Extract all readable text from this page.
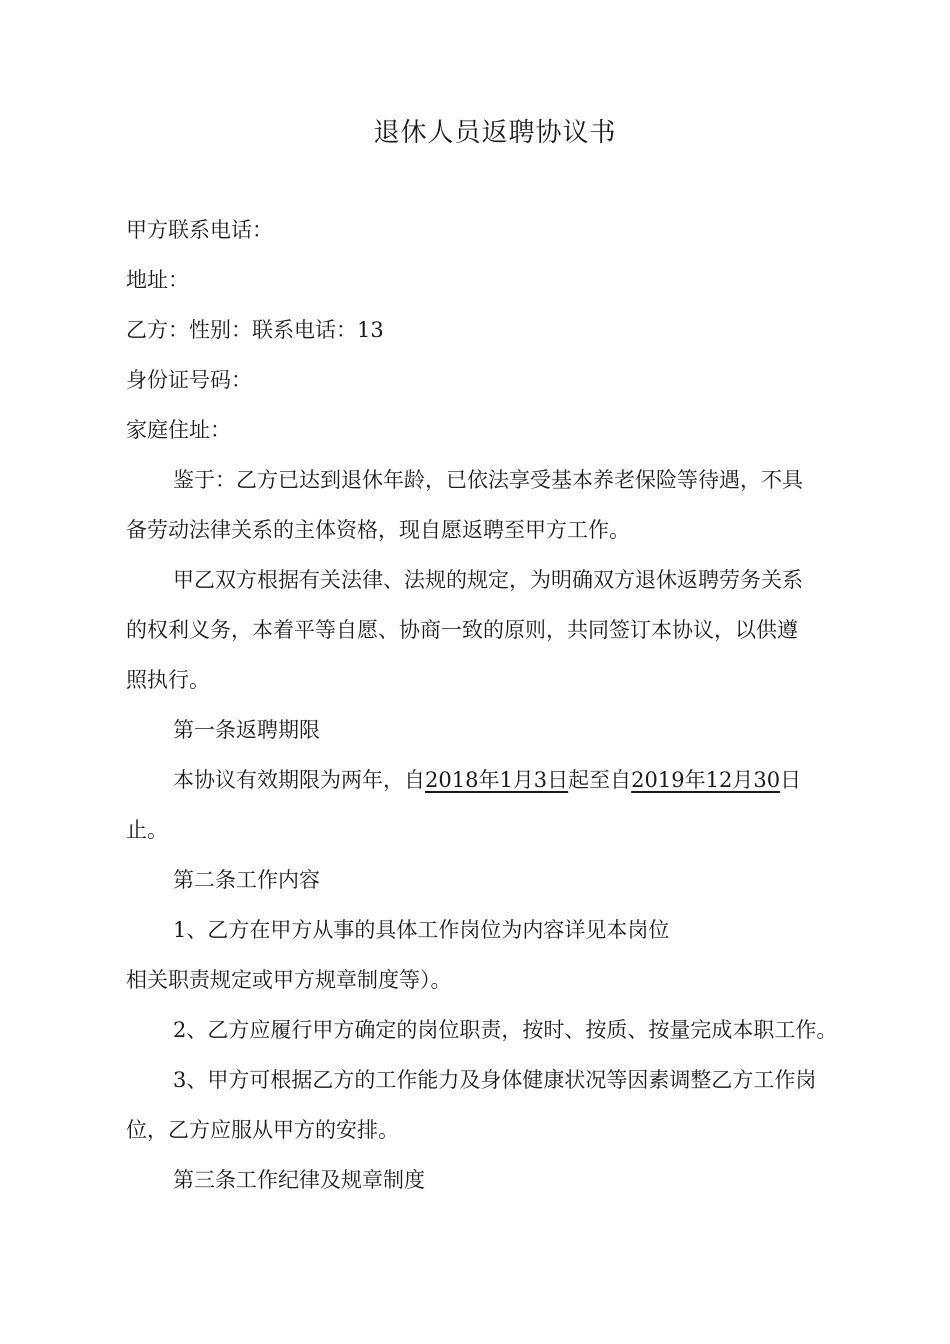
退休人员返聘协议书
甲方联系电话：
地址：
乙方：性别：联系电话：13
身份证号码：
家庭住址：
鉴于：乙方已达到退休年龄，已依法享受基本养老保险等待遇，不具
备劳动法律关系的主体资格，现自愿返聘至甲方工作。
甲乙双方根据有关法律、法规的规定，为明确双方退休返聘劳务关系
的权利义务，本着平等自愿、协商一致的原则，共同签订本协议，以供遵
照执行。
第一条返聘期限
本协议有效期限为两年，自2018年1月3日起至自2019年12月30日
止。
第二条工作内容
1、乙方在甲方从事的具体工作岗位为内容详见本岗位
相关职责规定或甲方规章制度等）。
2、乙方应履行甲方确定的岗位职责，按时、按质、按量完成本职工作。
3、甲方可根据乙方的工作能力及身体健康状况等因素调整乙方工作岗
位，乙方应服从甲方的安排。
第三条工作纪律及规章制度
